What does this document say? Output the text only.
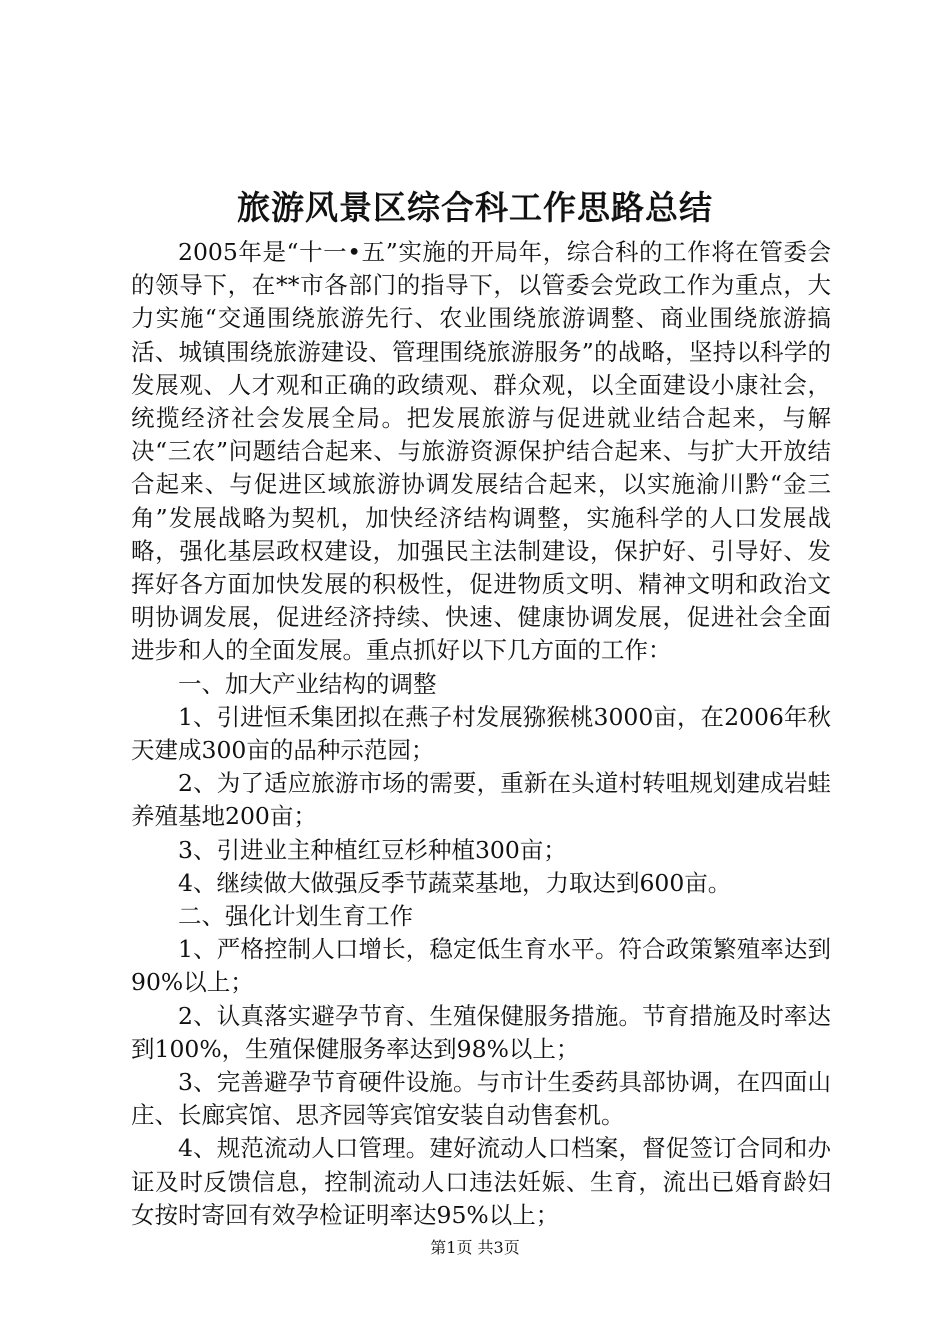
旅游风景区综合科工作思路总结

2005年是“十一•五”实施的开局年，综合科的工作将在管委会的领导下，在**市各部门的指导下，以管委会党政工作为重点，大力实施“交通围绕旅游先行、农业围绕旅游调整、商业围绕旅游搞活、城镇围绕旅游建设、管理围绕旅游服务”的战略，坚持以科学的发展观、人才观和正确的政绩观、群众观，以全面建设小康社会，统揽经济社会发展全局。把发展旅游与促进就业结合起来，与解决“三农”问题结合起来、与旅游资源保护结合起来、与扩大开放结合起来、与促进区域旅游协调发展结合起来，以实施渝川黔“金三角”发展战略为契机，加快经济结构调整，实施科学的人口发展战略，强化基层政权建设，加强民主法制建设，保护好、引导好、发挥好各方面加快发展的积极性，促进物质文明、精神文明和政治文明协调发展，促进经济持续、快速、健康协调发展，促进社会全面进步和人的全面发展。重点抓好以下几方面的工作：

一、加大产业结构的调整

1、引进恒禾集团拟在燕子村发展猕猴桃3000亩，在2006年秋天建成300亩的品种示范园；

2、为了适应旅游市场的需要，重新在头道村转咀规划建成岩蛙养殖基地200亩；

3、引进业主种植红豆杉种植300亩；

4、继续做大做强反季节蔬菜基地，力取达到600亩。

二、强化计划生育工作

1、严格控制人口增长，稳定低生育水平。符合政策繁殖率达到90%以上；

2、认真落实避孕节育、生殖保健服务措施。节育措施及时率达到100%，生殖保健服务率达到98%以上；

3、完善避孕节育硬件设施。与市计生委药具部协调，在四面山庄、长廊宾馆、思齐园等宾馆安装自动售套机。

4、规范流动人口管理。建好流动人口档案，督促签订合同和办证及时反馈信息，控制流动人口违法妊娠、生育，流出已婚育龄妇女按时寄回有效孕检证明率达95%以上；

第1页 共3页
